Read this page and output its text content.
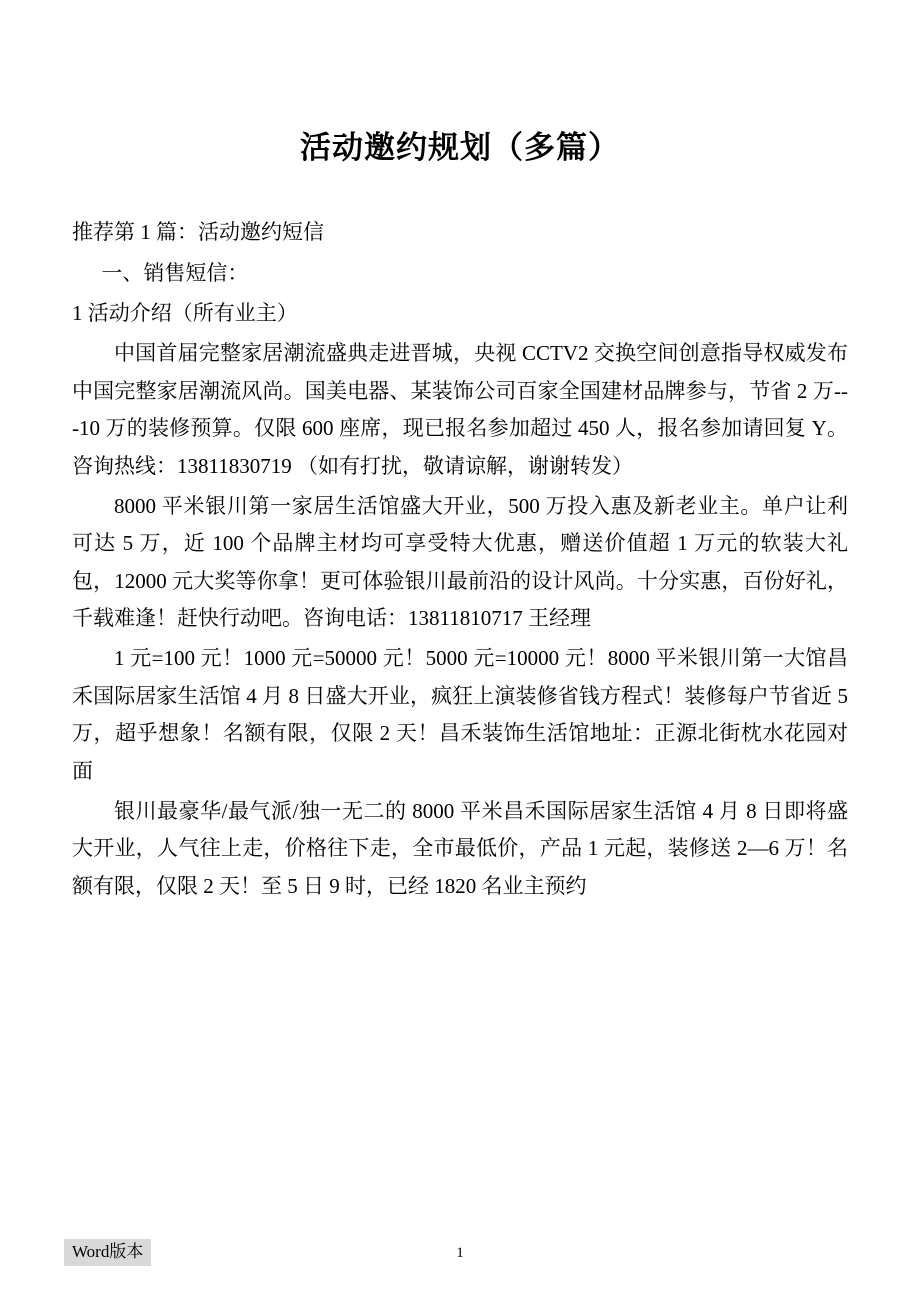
活动邀约规划（多篇）

推荐第 1 篇：活动邀约短信

一、销售短信：

1 活动介绍（所有业主）

中国首届完整家居潮流盛典走进晋城，央视 CCTV2 交换空间创意指导权威发布中国完整家居潮流风尚。国美电器、某装饰公司百家全国建材品牌参与，节省 2 万---10 万的装修预算。仅限 600 座席，现已报名参加超过 450 人，报名参加请回复 Y。咨询热线：13811830719 （如有打扰，敬请谅解，谢谢转发）

8000 平米银川第一家居生活馆盛大开业，500 万投入惠及新老业主。单户让利可达 5 万，近 100 个品牌主材均可享受特大优惠，赠送价值超 1 万元的软装大礼包，12000 元大奖等你拿！更可体验银川最前沿的设计风尚。十分实惠，百份好礼，千载难逢！赶快行动吧。咨询电话：13811810717 王经理

1 元=100 元！1000 元=50000 元！5000 元=10000 元！8000 平米银川第一大馆昌禾国际居家生活馆 4 月 8 日盛大开业，疯狂上演装修省钱方程式！装修每户节省近 5 万，超乎想象！名额有限，仅限 2 天！昌禾装饰生活馆地址：正源北街枕水花园对面

银川最豪华/最气派/独一无二的 8000 平米昌禾国际居家生活馆 4 月 8 日即将盛大开业，人气往上走，价格往下走，全市最低价，产品 1 元起，装修送 2—6 万！名额有限，仅限 2 天！至 5 日 9 时，已经 1820 名业主预约

Word版本	1
